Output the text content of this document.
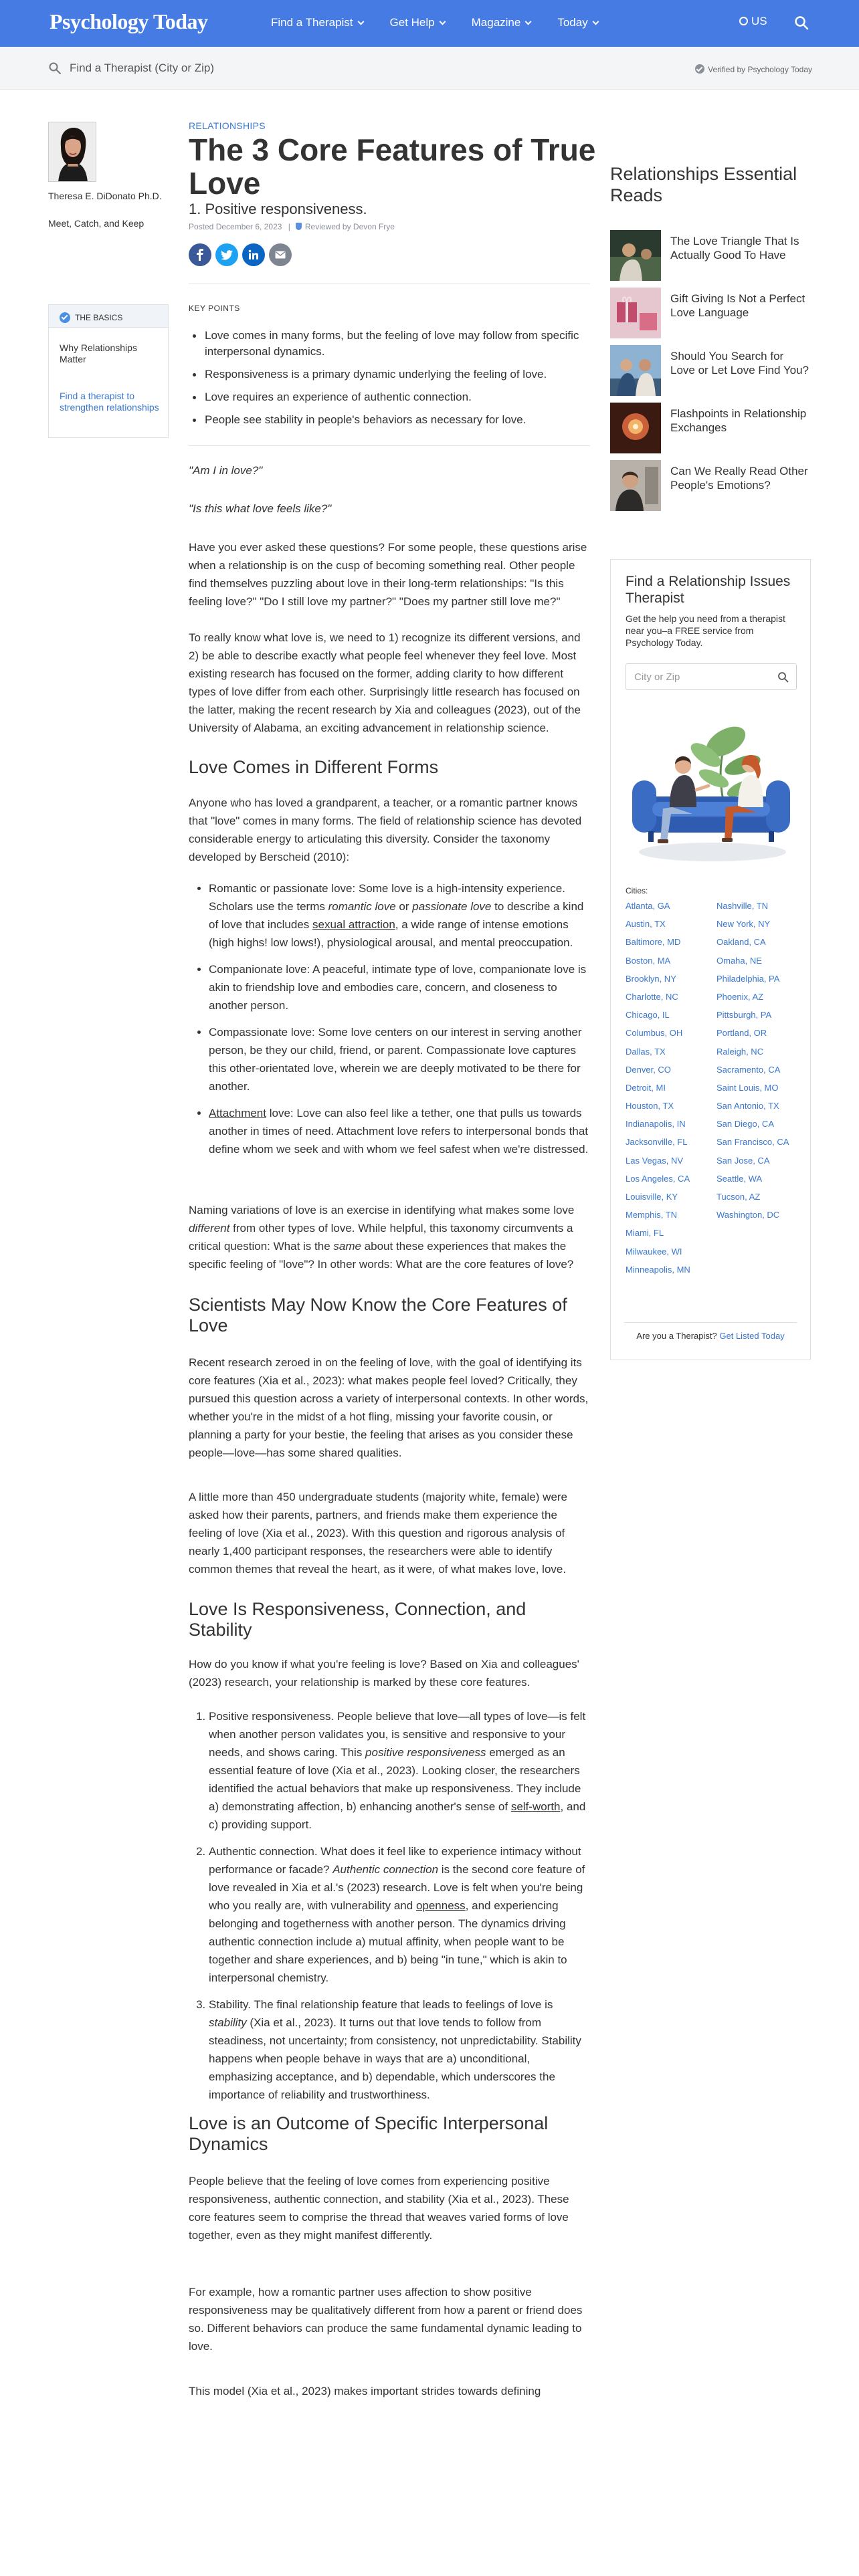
Psychology Today	Find a Therapist	Get Help	Magazine	Today	US
Find a Therapist (City or Zip)	Verified by Psychology Today
Theresa E. DiDonato Ph.D.
Meet, Catch, and Keep
THE BASICS
Why Relationships Matter
Find a therapist to strengthen relationships
RELATIONSHIPS
The 3 Core Features of True Love
1. Positive responsiveness.
Posted December 6, 2023 | Reviewed by Devon Frye
KEY POINTS
Love comes in many forms, but the feeling of love may follow from specific interpersonal dynamics.
Responsiveness is a primary dynamic underlying the feeling of love.
Love requires an experience of authentic connection.
People see stability in people's behaviors as necessary for love.

"Am I in love?"

"Is this what love feels like?"

Have you ever asked these questions? For some people, these questions arise when a relationship is on the cusp of becoming something real. Other people find themselves puzzling about love in their long-term relationships: "Is this feeling love?" "Do I still love my partner?" "Does my partner still love me?"

To really know what love is, we need to 1) recognize its different versions, and 2) be able to describe exactly what people feel whenever they feel love. Most existing research has focused on the former, adding clarity to how different types of love differ from each other. Surprisingly little research has focused on the latter, making the recent research by Xia and colleagues (2023), out of the University of Alabama, an exciting advancement in relationship science.

Love Comes in Different Forms

Anyone who has loved a grandparent, a teacher, or a romantic partner knows that "love" comes in many forms. The field of relationship science has devoted considerable energy to articulating this diversity. Consider the taxonomy developed by Berscheid (2010):

• Romantic or passionate love: Some love is a high-intensity experience. Scholars use the terms romantic love or passionate love to describe a kind of love that includes sexual attraction, a wide range of intense emotions (high highs! low lows!), physiological arousal, and mental preoccupation.
• Companionate love: A peaceful, intimate type of love, companionate love is akin to friendship love and embodies care, concern, and closeness to another person.
• Compassionate love: Some love centers on our interest in serving another person, be they our child, friend, or parent. Compassionate love captures this other-orientated love, wherein we are deeply motivated to be there for another.
• Attachment love: Love can also feel like a tether, one that pulls us towards another in times of need. Attachment love refers to interpersonal bonds that define whom we seek and with whom we feel safest when we're distressed.

Naming variations of love is an exercise in identifying what makes some love different from other types of love. While helpful, this taxonomy circumvents a critical question: What is the same about these experiences that makes the specific feeling of "love"? In other words: What are the core features of love?

Scientists May Now Know the Core Features of Love

Recent research zeroed in on the feeling of love, with the goal of identifying its core features (Xia et al., 2023): what makes people feel loved? Critically, they pursued this question across a variety of interpersonal contexts. In other words, whether you're in the midst of a hot fling, missing your favorite cousin, or planning a party for your bestie, the feeling that arises as you consider these people—love—has some shared qualities.

A little more than 450 undergraduate students (majority white, female) were asked how their parents, partners, and friends make them experience the feeling of love (Xia et al., 2023). With this question and rigorous analysis of nearly 1,400 participant responses, the researchers were able to identify common themes that reveal the heart, as it were, of what makes love, love.

Love Is Responsiveness, Connection, and Stability

How do you know if what you're feeling is love? Based on Xia and colleagues' (2023) research, your relationship is marked by these core features.

1. Positive responsiveness. People believe that love—all types of love—is felt when another person validates you, is sensitive and responsive to your needs, and shows caring. This positive responsiveness emerged as an essential feature of love (Xia et al., 2023). Looking closer, the researchers identified the actual behaviors that make up responsiveness. They include a) demonstrating affection, b) enhancing another's sense of self-worth, and c) providing support.
2. Authentic connection. What does it feel like to experience intimacy without performance or facade? Authentic connection is the second core feature of love revealed in Xia et al.'s (2023) research. Love is felt when you're being who you really are, with vulnerability and openness, and experiencing belonging and togetherness with another person. The dynamics driving authentic connection include a) mutual affinity, when people want to be together and share experiences, and b) being "in tune," which is akin to interpersonal chemistry.
3. Stability. The final relationship feature that leads to feelings of love is stability (Xia et al., 2023). It turns out that love tends to follow from steadiness, not uncertainty; from consistency, not unpredictability. Stability happens when people behave in ways that are a) unconditional, emphasizing acceptance, and b) dependable, which underscores the importance of reliability and trustworthiness.
Love is an Outcome of Specific Interpersonal Dynamics

People believe that the feeling of love comes from experiencing positive responsiveness, authentic connection, and stability (Xia et al., 2023). These core features seem to comprise the thread that weaves varied forms of love together, even as they might manifest differently.

For example, how a romantic partner uses affection to show positive responsiveness may be qualitatively different from how a parent or friend does so. Different behaviors can produce the same fundamental dynamic leading to love.

This model (Xia et al., 2023) makes important strides towards defining

Relationships Essential Reads
The Love Triangle That Is Actually Good To Have
Gift Giving Is Not a Perfect Love Language
Should You Search for Love or Let Love Find You?
Flashpoints in Relationship Exchanges
Can We Really Read Other People's Emotions?
Find a Relationship Issues Therapist
Get the help you need from a therapist near you–a FREE service from Psychology Today.
City or Zip
Cities:
Atlanta, GA
Austin, TX
Baltimore, MD
Boston, MA
Brooklyn, NY
Charlotte, NC
Chicago, IL
Columbus, OH
Dallas, TX
Denver, CO
Detroit, MI
Houston, TX
Indianapolis, IN
Jacksonville, FL
Las Vegas, NV
Los Angeles, CA
Louisville, KY
Memphis, TN
Miami, FL
Milwaukee, WI
Minneapolis, MN
Nashville, TN
New York, NY
Oakland, CA
Omaha, NE
Philadelphia, PA
Phoenix, AZ
Pittsburgh, PA
Portland, OR
Raleigh, NC
Sacramento, CA
Saint Louis, MO
San Antonio, TX
San Diego, CA
San Francisco, CA
San Jose, CA
Seattle, WA
Tucson, AZ
Washington, DC
Are you a Therapist? Get Listed Today
